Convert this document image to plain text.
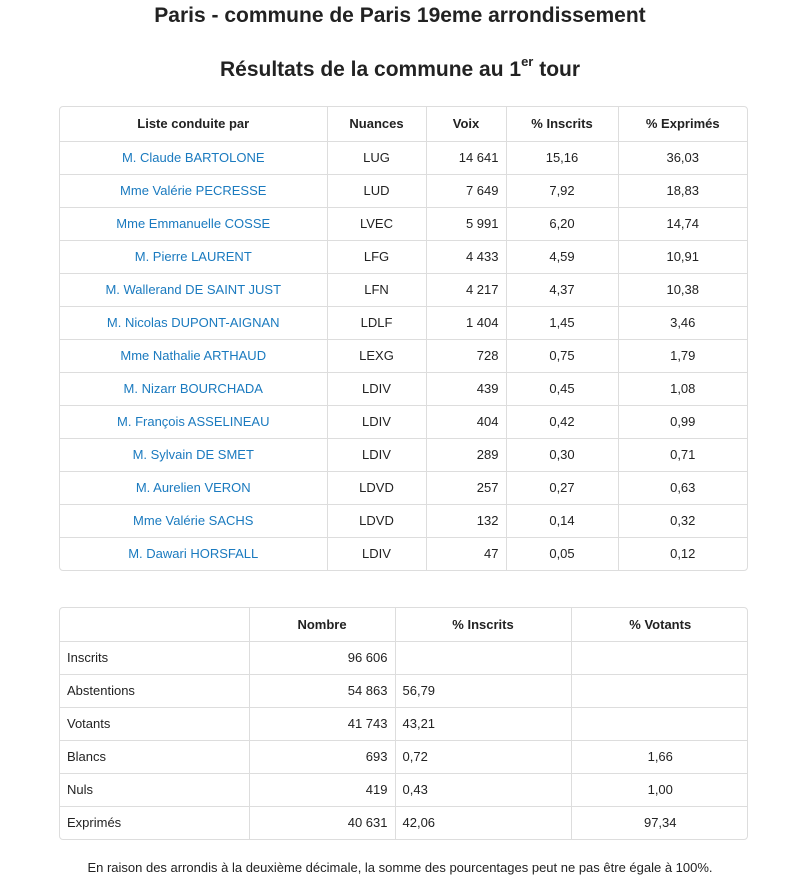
Paris - commune de Paris 19eme arrondissement
Résultats de la commune au 1er tour
Liste conduite par	Nuances	Voix	% Inscrits	% Exprimés
M. Claude BARTOLONE	LUG	14 641	15,16	36,03
Mme Valérie PECRESSE	LUD	7 649	7,92	18,83
Mme Emmanuelle COSSE	LVEC	5 991	6,20	14,74
M. Pierre LAURENT	LFG	4 433	4,59	10,91
M. Wallerand DE SAINT JUST	LFN	4 217	4,37	10,38
M. Nicolas DUPONT-AIGNAN	LDLF	1 404	1,45	3,46
Mme Nathalie ARTHAUD	LEXG	728	0,75	1,79
M. Nizarr BOURCHADA	LDIV	439	0,45	1,08
M. François ASSELINEAU	LDIV	404	0,42	0,99
M. Sylvain DE SMET	LDIV	289	0,30	0,71
M. Aurelien VERON	LDVD	257	0,27	0,63
Mme Valérie SACHS	LDVD	132	0,14	0,32
M. Dawari HORSFALL	LDIV	47	0,05	0,12
	Nombre	% Inscrits	% Votants
Inscrits	96 606		
Abstentions	54 863	56,79	
Votants	41 743	43,21	
Blancs	693	0,72	1,66
Nuls	419	0,43	1,00
Exprimés	40 631	42,06	97,34

En raison des arrondis à la deuxième décimale, la somme des pourcentages peut ne pas être égale à 100%.
